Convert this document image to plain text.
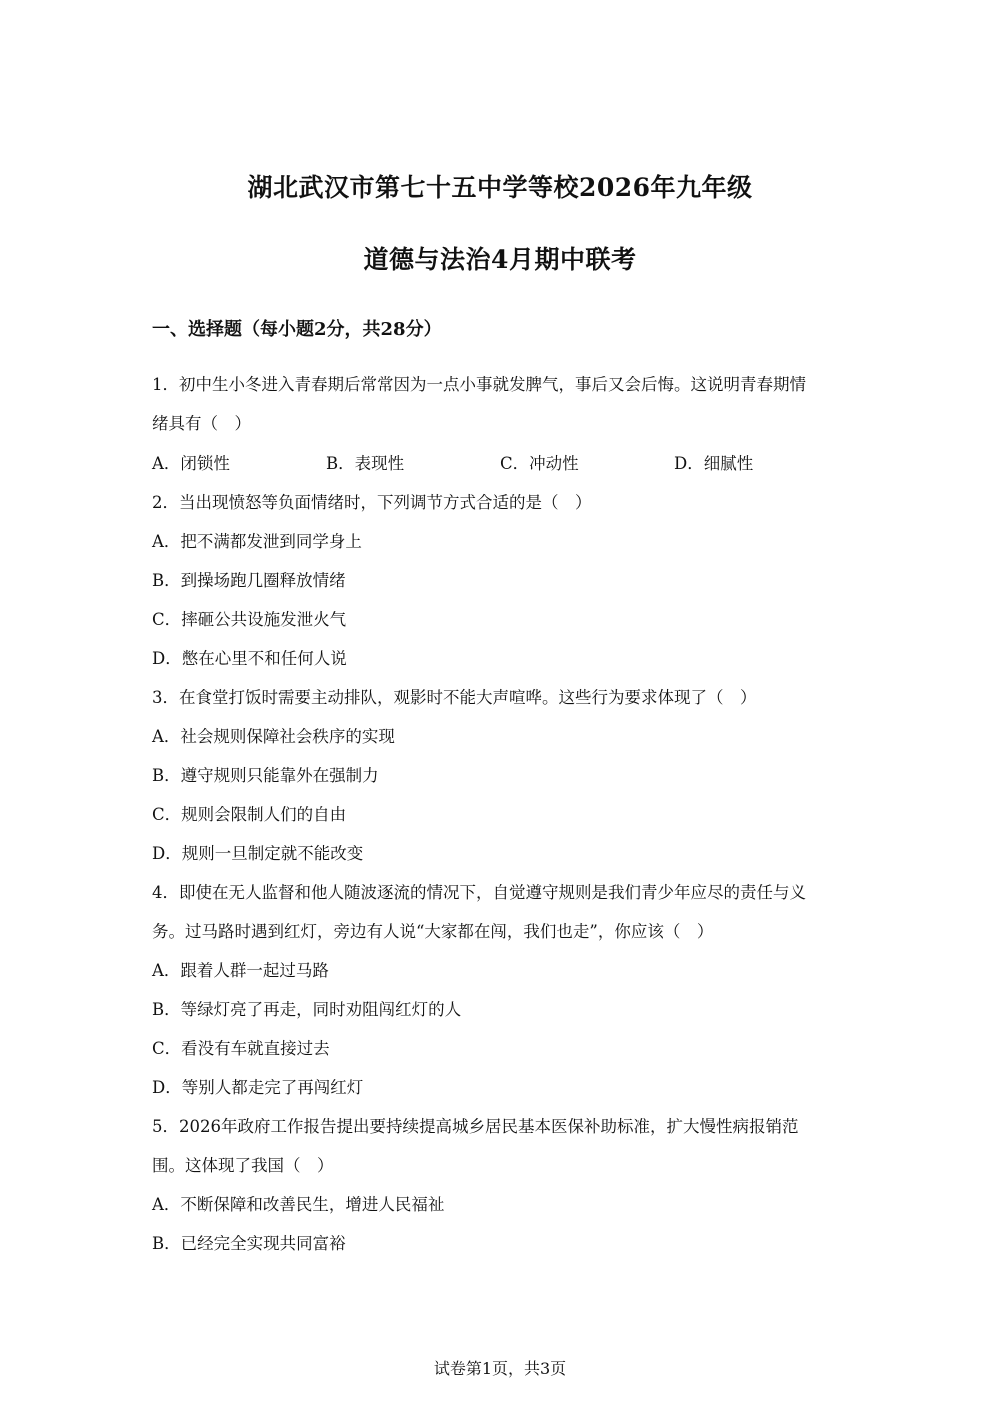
湖北武汉市第七十五中学等校2026年九年级
道德与法治4月期中联考
一、选择题（每小题2分，共28分）
1．初中生小冬进入青春期后常常因为一点小事就发脾气，事后又会后悔。这说明青春期情
绪具有（　）
A．闭锁性	B．表现性	C．冲动性	D．细腻性
2．当出现愤怒等负面情绪时，下列调节方式合适的是（　）
A．把不满都发泄到同学身上
B．到操场跑几圈释放情绪
C．摔砸公共设施发泄火气
D．憋在心里不和任何人说
3．在食堂打饭时需要主动排队，观影时不能大声喧哗。这些行为要求体现了（　）
A．社会规则保障社会秩序的实现
B．遵守规则只能靠外在强制力
C．规则会限制人们的自由
D．规则一旦制定就不能改变
4．即使在无人监督和他人随波逐流的情况下，自觉遵守规则是我们青少年应尽的责任与义
务。过马路时遇到红灯，旁边有人说“大家都在闯，我们也走”，你应该（　）
A．跟着人群一起过马路
B．等绿灯亮了再走，同时劝阻闯红灯的人
C．看没有车就直接过去
D．等别人都走完了再闯红灯
5．2026年政府工作报告提出要持续提高城乡居民基本医保补助标准，扩大慢性病报销范
围。这体现了我国（　）
A．不断保障和改善民生，增进人民福祉
B．已经完全实现共同富裕
试卷第1页，共3页
